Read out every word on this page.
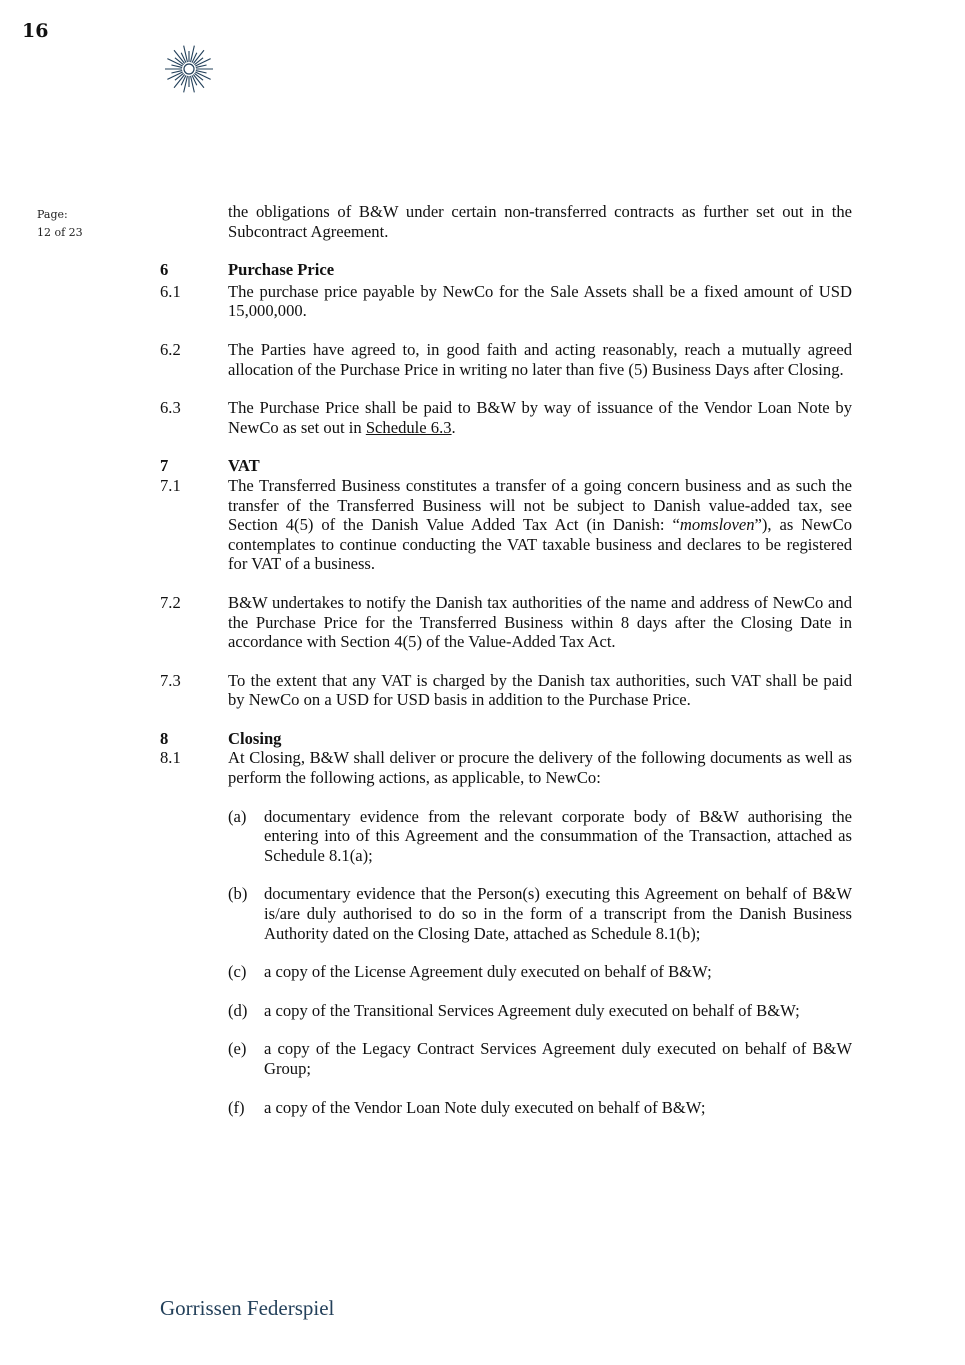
16
Page:
12 of 23
the obligations of B&W under certain non-transferred contracts as further set out in the Subcontract Agreement.
6	Purchase Price
6.1	The purchase price payable by NewCo for the Sale Assets shall be a fixed amount of USD 15,000,000.
6.2	The Parties have agreed to, in good faith and acting reasonably, reach a mutually agreed allocation of the Purchase Price in writing no later than five (5) Business Days after Closing.
6.3	The Purchase Price shall be paid to B&W by way of issuance of the Vendor Loan Note by NewCo as set out in Schedule 6.3.
7	VAT
7.1	The Transferred Business constitutes a transfer of a going concern business and as such the transfer of the Transferred Business will not be subject to Danish value-added tax, see Section 4(5) of the Danish Value Added Tax Act (in Danish: “momsloven”), as NewCo contemplates to continue conducting the VAT taxable business and declares to be registered for VAT of a business.
7.2	B&W undertakes to notify the Danish tax authorities of the name and address of NewCo and the Purchase Price for the Transferred Business within 8 days after the Closing Date in accordance with Section 4(5) of the Value-Added Tax Act.
7.3	To the extent that any VAT is charged by the Danish tax authorities, such VAT shall be paid by NewCo on a USD for USD basis in addition to the Purchase Price.
8	Closing
8.1	At Closing, B&W shall deliver or procure the delivery of the following documents as well as perform the following actions, as applicable, to NewCo:
(a) documentary evidence from the relevant corporate body of B&W authorising the entering into of this Agreement and the consummation of the Transaction, attached as Schedule 8.1(a);
(b) documentary evidence that the Person(s) executing this Agreement on behalf of B&W is/are duly authorised to do so in the form of a transcript from the Danish Business Authority dated on the Closing Date, attached as Schedule 8.1(b);
(c) a copy of the License Agreement duly executed on behalf of B&W;
(d) a copy of the Transitional Services Agreement duly executed on behalf of B&W;
(e) a copy of the Legacy Contract Services Agreement duly executed on behalf of B&W Group;
(f) a copy of the Vendor Loan Note duly executed on behalf of B&W;
Gorrissen Federspiel
